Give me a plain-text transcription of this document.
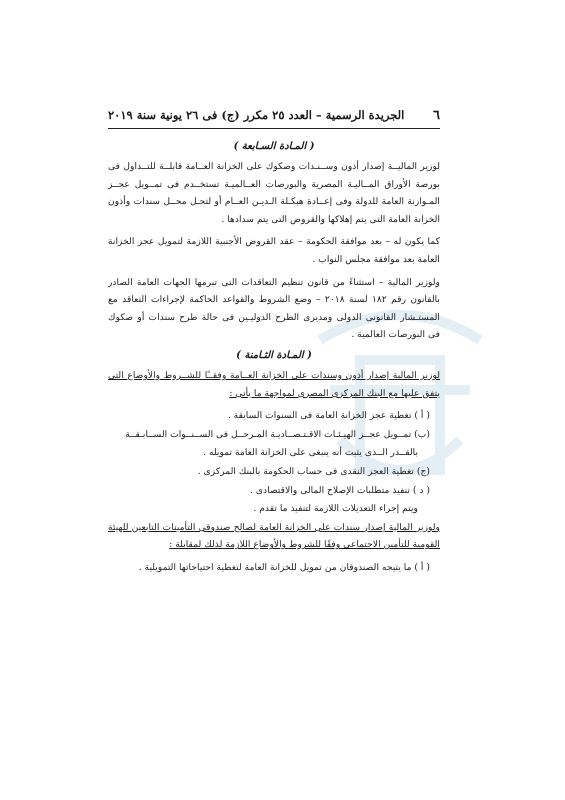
٦
الجريدة الرسمية – العدد ٢٥ مكرر (ج) فى ٢٦ يونية سنة ٢٠١٩
( المـادة السـابعة )

لوزير الماليــة إصدار أذون وســنـدات وصكوك على الخزانة العــامة قابلــة للتــداول فى بورصة الأوراق المــاليـة المصرية والبورصات العــالميـة تستخــدم فى تمــويل عجــز المـوازنة العامة للدولة وفى إعــادة هيكـلة الـديـن العــام أو لتحـل محــل سندات وأذون الخزانة العامة التى يتم إهلاكها والقروض التى يتم سدادها .

كما يكون له – بعد موافقة الحكومة – عقد القروض الأجنبية اللازمة لتمويل عجز الخزانة العامة بعد موافقة مجلس النواب .

ولوزير المالية – استثناءً من قانون تنظيم التعاقدات التى تبرمها الجهات العامة الصادر بالقانون رقم ١٨٢ لسنة ٢٠١٨ – وضع الشروط والقواعد الحاكمة لإجراءات التعاقد مع المستـشار القانونى الدولى ومديرى الطرح الدوليـين فى حالة طرح سندات أو صكوك فى البورصات العالمية .

( المـادة الثـامنة )

لوزير المالية إصدار أذون وسندات على الخزانة العــامة وفقــًا للشــروط والأوضاع التى يتفق عليها مع البنك المركزى المصرى لمواجهة ما يأتى :

( أ ) تغطية عجز الخزانة العامة فى السنوات السابقة .

(ب) تمــويل عجــز الهيـئـات الاقـتـصــاديـة المـرحــل فى الســنــوات الســابـقــة

بالقــدر الــذى يثبت أنه ينبغى على الخزانة العامة تمويله .

(ج) تغطية العجز النقدى فى حساب الحكومة بالبنك المركزى .

( د ) تنفيذ متطلبات الإصلاح المالى والاقتصادى .

ويتم إجراء التعديلات اللازمة لتنفيذ ما تقدم .

ولوزير المالية إصدار سندات على الخزانة العامة لصالح صندوقى التأمينات التابعين للهيئة القومية للتأمين الاجتماعى وفقًا للشروط والأوضاع اللازمة لذلك لمقابلة :

( أ ) ما يتيحه الصندوقان من تمويل للخزانة العامة لتغطية احتياجاتها التمويلية .
